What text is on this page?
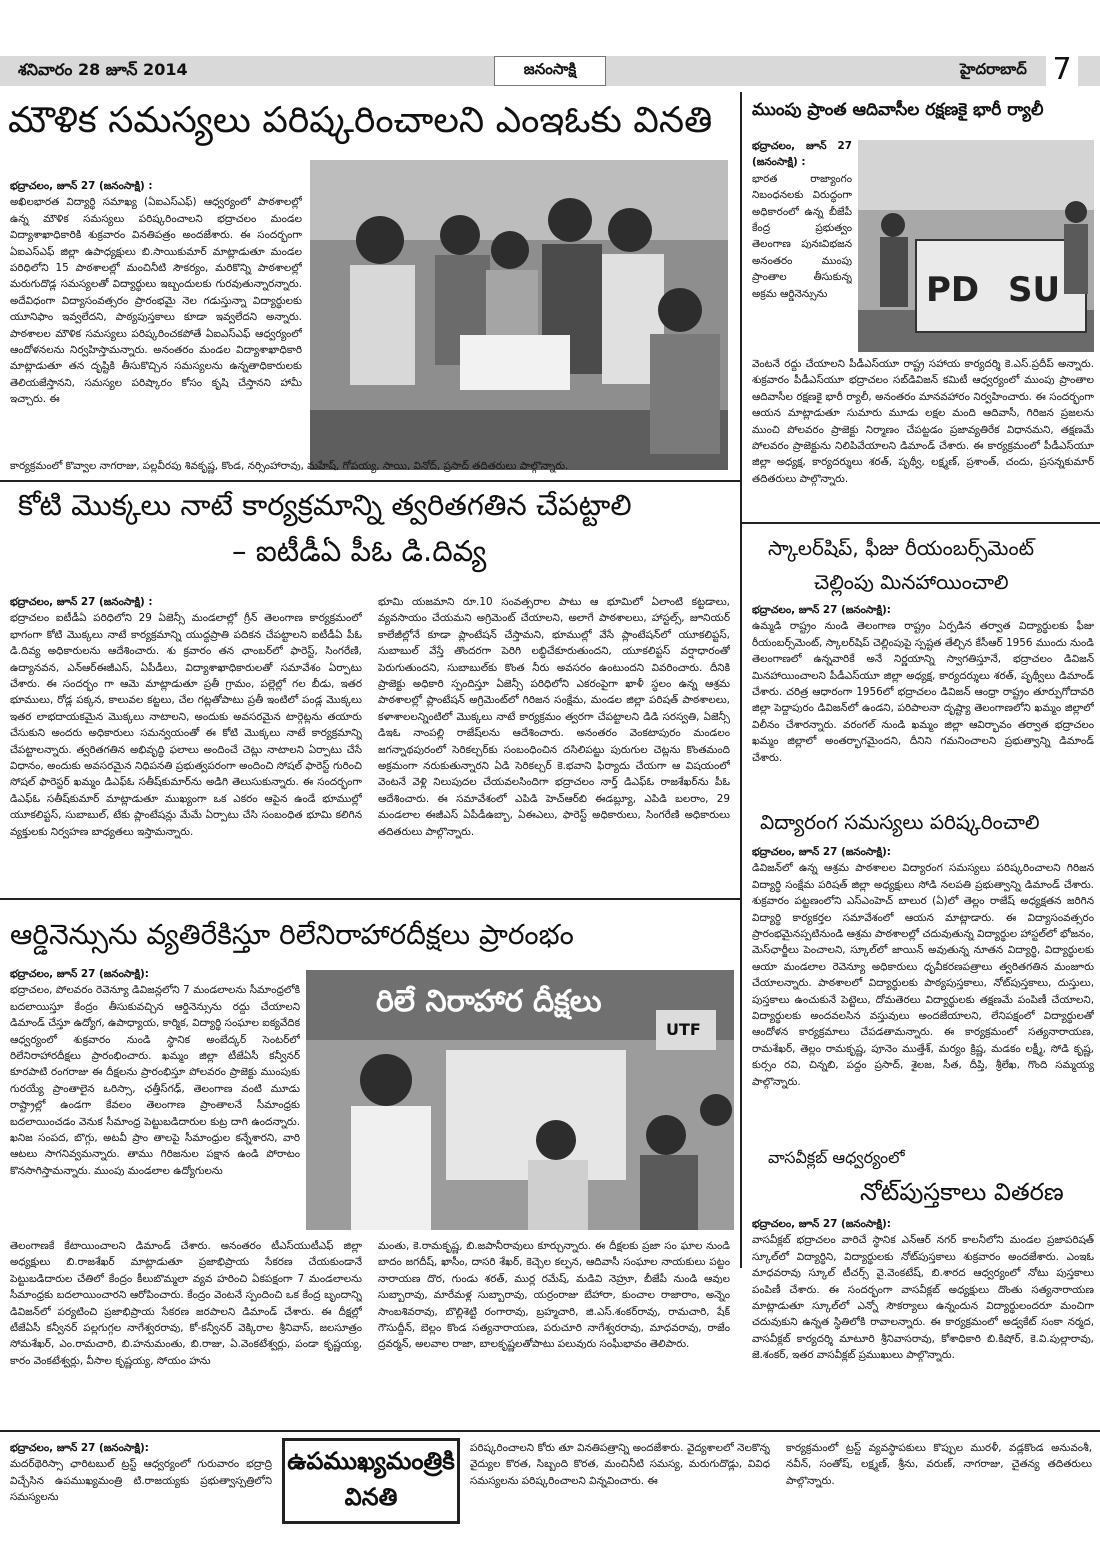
శనివారం 28 జూన్ 2014	జనంసాక్షి	హైదరాబాద్ 7
మౌళిక సమస్యలు పరిష్కరించాలని ఎంఇఓకు వినతి

భద్రాచలం, జూన్ 27 (జనంసాక్షి) :

అఖిలభారత విద్యార్థి సమాఖ్య (ఏఐఎస్ఎఫ్) ఆధ్వర్యంలో పాఠశాలల్లో ఉన్న మౌళిక సమస్యలు పరిష్కరించాలని భద్రాచలం మండల విద్యాశాఖాధికారికి శుక్రవారం వినతిపత్రం అందజేశారు. ఈ సందర్భంగా ఏఐఎస్ఎఫ్ జిల్లా ఉపాధ్యక్షులు బి.సాయికుమార్ మాట్లాడుతూ మండల పరిధిలోని 15 పాఠశాలల్లో మంచినీటి సౌకర్యం, మరికొన్ని పాఠశాలల్లో మరుగుదొడ్ల సమస్యలతో విద్యార్థులు ఇబ్బందులకు గురవుతున్నారన్నారు. అదేవిధంగా విద్యాసంవత్సరం ప్రారంభమై నెల గడుస్తున్నా విద్యార్థులకు యూనిఫాం ఇవ్వలేదని, పాఠ్యపుస్తకాలు కూడా ఇవ్వలేదని అన్నారు. పాఠశాలల మౌళిక సమస్యలు పరిష్కరించకపోతే ఏఐఎస్ఎఫ్ ఆధ్వర్యంలో ఆందోళనలను నిర్వహిస్తామన్నారు. అనంతరం మండల విద్యాశాఖాధికారి మాట్లాడుతూ తన దృష్టికి తీసుకొచ్చిన సమస్యలను ఉన్నతాధికారులకు తెలియజేస్తానని, సమస్యల పరిష్కారం కోసం కృషి చేస్తానని హామీ ఇచ్చారు. ఈ

కార్యక్రమంలో కొవ్వాల నాగరాజు, పల్లవీరపు శివకృష్ణ, కొండ, నర్సింహారావు, మహేష్, గోపయ్య, సాయి, వినోద్, ప్రసాద్ తదితరులు పాల్గొన్నారు.

ముంపు ప్రాంత ఆదివాసీల రక్షణకై భారీ ర్యాలీ

భద్రాచలం, జూన్ 27 (జనంసాక్షి) :

భారత రాజ్యాంగం నిబంధనలకు విరుద్ధంగా అధికారంలో ఉన్న బీజేపీ కేంద్ర ప్రభుత్వం తెలంగాణ పునఃవిభజన అనంతరం ముంపు ప్రాంతాల తీసుకున్న అక్రమ ఆర్డినెన్సును	PD SU

వెంటనే రద్దు చేయాలని పీడీఎస్‌యూ రాష్ట్ర సహాయ కార్యదర్శి కె.ఎస్.ప్రదీప్ అన్నారు. శుక్రవారం పీడీఎస్‌యూ భద్రాచలం సబ్‌డివిజన్ కమిటీ ఆధ్వర్యంలో ముంపు ప్రాంతాల ఆదివాసీల రక్షణకై భారీ ర్యాలీ, అనంతరం మానవహారం నిర్వహించారు. ఈ సందర్భంగా ఆయన మాట్లాడుతూ సుమారు మూడు లక్షల మంది ఆదివాసీ, గిరిజన ప్రజలను ముంచి పోలవరం ప్రాజెక్టు నిర్మాణం చేపట్టడం ప్రజావ్యతిరేక విధానమని, తక్షణమే పోలవరం ప్రాజెక్టును నిలిపివేయాలని డిమాండ్ చేశారు. ఈ కార్యక్రమంలో పీడీఎస్‌యూ జిల్లా అధ్యక్ష, కార్యదర్శులు శరత్, పృథ్వీ, లక్ష్మణ్, ప్రశాంత్, చందు, ప్రసన్నకుమార్ తదితరులు పాల్గొన్నారు.

కోటి మొక్కలు నాటే కార్యక్రమాన్ని త్వరితగతిన చేపట్టాలి
– ఐటీడీఏ పీఓ డి.దివ్య

భద్రాచలం, జూన్ 27 (జనంసాక్షి) :

భద్రాచలం ఐటీడీఏ పరిధిలోని 29 ఏజెన్సీ మండలాల్లో గ్రీన్ తెలంగాణ కార్యక్రమంలో భాగంగా కోటి మొక్కలు నాటే కార్యక్రమాన్ని యుద్ధప్రాతి పదికన చేపట్టాలని ఐటీడీఏ పీఓ డి.దివ్య అధికారులను ఆదేశించారు. శు క్రవారం తన ఛాంబర్‌లో ఫారెస్ట్, సింగరేణి, ఉద్యానవన, ఎన్ఆర్ఈజీఎస్, ఏపీడీలు, విద్యాశాఖాధికారులతో సమావేశం ఏర్పాటు చేశారు. ఈ సందర్భం గా ఆమె మాట్లాడుతూ ప్రతీ గ్రామం, పల్లెల్లో గల బీడు, ఇతర భూములు, రోడ్ల పక్కన, కాలువల కట్టలు, చేల గట్లతోపాటు ప్రతీ ఇంటిలో పండ్ల మొక్కలు ఇతర లాభదాయకమైన మొక్కలు నాటాలని, అందుకు అవసరమైన టార్గెట్లను తయారు చేసుకుని అందరు అధికారులు సమన్వయంతో ఈ కోటి మొక్కలు నాటే కార్యక్రమాన్ని చేపట్టాలన్నారు. త్వరితగతిన అభివృద్ధి ఫలాలు అందించే చెట్లు నాటాలని ఏర్పాటు చేసే విధానం, అందుకు అవసరమైన నిధిపనతి ప్రభుత్వపరంగా అందించి సోషల్ ఫారెస్ట్ గురించి సోషల్ ఫారెస్టర్ ఖమ్మం డిఎఫ్ఓ సతీష్‌కుమార్‌ను అడిగి తెలుసుకున్నారు. ఈ సందర్భంగా డిఎఫ్ఓ సతీష్‌కుమార్ మాట్లాడుతూ ముఖ్యంగా ఒక ఎకరం ఆపైన ఉండే భూముల్లో యూకలిప్టస్, సుబాబుల్, టేకు ప్లాంటేషన్లు మేమే ఏర్పాటు చేసి సంబంధిత భూమి కలిగిన వ్యక్తులకు నిర్వహణ బాధ్యతలు ఇస్తామన్నారు.

భూమి యజమాని రూ.10 సంవత్సరాల పాటు ఆ భూమిలో ఏలాంటి కట్టడాలు, వ్యవసాయం చేయమని అగ్రిమెంట్ చేయాలని, అలాగే పాఠశాలలు, హాస్టల్స్, జూనియర్ కాలేజీల్లోనే కూడా ప్లాంటేషన్ చేస్తామని, భూముల్లో వేసే ప్లాంటేషన్‌లో యూకలిప్టస్, సుబాబుల్ వేస్తే తొందరగా పెరిగి లబ్ధిచేకూరుతుందని, యూకలిప్టస్ వర్షాధారంతో పెరుగుతుందని, సుబాబుల్‌కు కొంత నీరు అవసరం ఉంటుందని వివరించారు. దీనికి ప్రాజెక్టు అధికారి స్పందిస్తూ ఏజెన్సీ పరిధిలోని ఎకరంపైగా ఖాళీ స్థలం ఉన్న ఆశ్రమ పాఠశాలల్లో ప్లాంటేషన్ అగ్రిమెంట్‌లో గిరిజన సంక్షేమ, మండల జిల్లా పరిషత్ పాఠశాలలు, కళాశాలలన్నింటిలో మొక్కలు నాటే కార్యక్రమం త్వరగా చేపట్టాలని డిడి సరస్వతి, ఏజెన్సీ డిఇఓ నాంపల్లి రాజేష్‌లను ఆదేశించారు. అనంతరం వెంకటాపురం మండలం జగన్నాథపురంలో సెరికల్చర్‌కు సంబంధించిన దసిలిపట్టు పురుగుల చెట్లను కొంతమంది అక్రమంగా నరుకుతున్నారని ఏడి సెరికల్చర్ కె.భవాని ఫిర్యాదు చేయగా ఆ విషయంలో వెంటనే వెళ్లి నిలుపుదల చేయవలసిందిగా భద్రాచలం నార్త్ డిఎఫ్ఓ రాజశేఖర్‌ను పీఓ ఆదేశించారు. ఈ సమావేశంలో ఎపిడి హెచ్ఆర్‌బి ఈడబ్ల్యూ, ఎపిడి బలరాం, 29 మండలాల ఈజీఎస్ ఏపీడీఉబ్బా, ఏఈఎలు, ఫారెస్ట్ అధికారులు, సింగరేణి అధికారులు తదితరులు పాల్గొన్నారు.

స్కాలర్‌షిప్, ఫీజు రీయంబర్స్‌మెంట్
చెల్లింపు మినహాయించాలి

భద్రాచలం, జూన్ 27 (జనంసాక్షి):

ఉమ్మడి రాష్ట్రం నుండి తెలంగాణ రాష్ట్రం ఏర్పడిన తర్వాత విద్యార్థులకు ఫీజు రీయంబర్స్‌మెంట్, స్కాలర్‌షిప్ చెల్లింపుపై స్పష్టత తేల్చిన కేసీఆర్ 1956 ముందు నుండి తెలంగాణలో ఉన్నవారికే అనే నిర్ణయాన్ని స్వాగతిస్తూనే, భద్రాచలం డివిజన్ మినహాయించాలని పీడీఎస్‌యూ జిల్లా అధ్యక్ష, కార్యదర్శులు శరత్, పృథ్వీలు డిమాండ్ చేశారు. చరిత్ర ఆధారంగా 1956లో భద్రాచలం డివిజన్ ఆంధ్రా రాష్ట్రం తూర్పుగోదావరి జిల్లా పెద్దాపురం డివిజన్‌లో ఉండని, పరిపాలనా దృష్ట్యా తెలంగాణలోని ఖమ్మం జిల్లాలో విలీనం చేశారన్నారు. వరంగల్ నుండి ఖమ్మం జిల్లా ఆవిర్భావం తర్వాత భద్రాచలం ఖమ్మం జిల్లాలో అంతర్భాగమైందని, దీనిని గమనించాలని ప్రభుత్వాన్ని డిమాండ్ చేశారు.

విద్యారంగ సమస్యలు పరిష్కరించాలి

భద్రాచలం, జూన్ 27 (జనంసాక్షి):

డివిజన్‌లో ఉన్న ఆశ్రమ పాఠశాలల విద్యారంగ సమస్యలు పరిష్కరించాలని గిరిజన విద్యార్థి సంక్షేమ పరిషత్ జిల్లా అధ్యక్షులు సోడి నలపతి ప్రభుత్వాన్ని డిమాండ్ చేశారు. శుక్రవారం పట్టణంలోని ఎస్ఎంహెచ్ బాలుర (ఏ)లో తెల్లం రాజేష్ అధ్యక్షతన జరిగిన విద్యార్థి కార్యకర్తల సమావేశంలో ఆయన మాట్లాడారు. ఈ విద్యాసంవత్సరం ప్రారంభమైనప్పటినుండి ఆశ్రమ పాఠశాలల్లో చదువుతున్న విద్యార్థుల హాస్టల్‌లో భోజనం, మెస్‌ఛార్జీలు పెంచాలని, స్కూల్‌లో జాయిన్ అవుతున్న నూతన విద్యార్థి, విద్యార్థులకు ఆయా మండలాల రెవెన్యూ అధికారులు ధృవీకరణపత్రాలు త్వరితగతిన మంజూరు చేయాలన్నారు. పాఠశాలలో విద్యార్థులకు పాఠ్యపుస్తకాలు, నోట్‌పుస్తకాలు, దుస్తులు, పుస్తకాలు ఉంచుకునే పెట్టెలు, దోమతెరలు విద్యార్థులకు తక్షణమే పంపిణీ చేయాలని, విద్యార్థులకు అందవలసిన వస్తువులు అందజేయాలని, లేనిపక్షంలో విద్యార్థులతో ఆందోళన కార్యక్రమాలు చేపడతామన్నారు. ఈ కార్యక్రమంలో సత్యనారాయణ, రామశేఖర్, తెల్లం రామకృష్ణ, పూనెం ముత్తేశ్, మర్యం క్రిష్ణ, మడకం లక్ష్మీ, సోడి కృష్ణ, కుర్సం రవి, చిన్నబి, పద్దం ప్రసాద్, శైలజ, సీత, దీప్తి, శ్రీలేఖ, గొంది సమ్మయ్య పాల్గొన్నారు.

వాసవీక్లబ్ ఆధ్వర్యంలో
నోట్‌పుస్తకాలు వితరణ

భద్రాచలం, జూన్ 27 (జనంసాక్షి):

వాసవీక్లబ్ భద్రాచలం వారిచే స్థానిక ఎన్ఆర్ నగర్ కాలనీలోని మండల ప్రజాపరిషత్ స్కూల్‌లో విద్యార్థిని, విద్యార్థులకు నోట్‌పుస్తకాలు శుక్రవారం అందజేశారు. ఎంఇఓ మాధవరావు స్కూల్ టీచర్స్ వై.వెంకటేష్, బి.శారద ఆధ్వర్యంలో నోటు పుస్తకాలు పంపిణీ చేశారు. ఈ సందర్భంగా వాసవీక్లబ్ అధ్యక్షులు దొంతు సత్యనారాయణ మాట్లాడుతూ స్కూల్‌లో ఎన్నో సౌకర్యాలు ఉన్నందున విద్యార్థులందరూ మంచిగా చదువుకుని ఉన్నత స్థితిలోకి రావాలన్నారు. ఈ కార్యక్రమంలో అడ్వకేట్ సంకా నర్మద, వాసవీక్లబ్ కార్యదర్శి మాటూరి శ్రీనివాసరావు, కోశాధికారి బి.కిషోర్, కె.వి.పుల్లారావు, జె.శంకర్, ఇతర వాసవీక్లబ్ ప్రముఖులు పాల్గొన్నారు.

ఆర్డినెన్సును వ్యతిరేకిస్తూ రిలేనిరాహారదీక్షలు ప్రారంభం

భద్రాచలం, జూన్ 27 (జనంసాక్షి):

భద్రాచలం, పోలవరం రెవెన్యూ డివిజన్లలోని 7 మండలాలను సీమాంధ్రలోకి బదలాయిస్తూ కేంద్రం తీసుకువచ్చిన ఆర్డినెన్సును రద్దు చేయాలని డిమాండ్ చేస్తూ ఉద్యోగ, ఉపాధ్యాయ, కార్మిక, విద్యార్థి సంఘాల ఐక్యవేదిక ఆధ్వర్యంలో శుక్రవారం నుండి స్థానిక అంబేద్కర్ సెంటర్‌లో రిలేనిరాహారదీక్షలు ప్రారంభించారు. ఖమ్మం జిల్లా టీజేఏసీ కన్వీనర్ కూరపాటి రంగరాజు ఈ దీక్షలను ప్రారంభిస్తూ పోలవరం ప్రాజెక్టు ముంపుకు గురయ్యే ప్రాంతాలైన ఒరిస్సా, ఛత్తీస్‌గఢ్, తెలంగాణ వంటి మూడు రాష్ట్రాల్లో ఉండగా కేవలం తెలంగాణ ప్రాంతాలనే సీమాంధ్రకు బదలాయించడం వెనుక సీమాంధ్ర పెట్టుబడిదారుల కుట్ర దాగి ఉందన్నారు. ఖనిజ సంపద, బొగ్గు, అటవీ ప్రాం తాలపై సీమాంధ్రుల కన్నేశారని, వారి ఆటలు సాగనివ్వమన్నారు. తాము గిరిజనుల పక్షాన ఉండి పోరాటం కొనసాగిస్తామన్నారు. ముంపు మండలాల ఉద్యోగులను

రిలే నిరాహార దీక్షలు
UTF

తెలంగాణకే కేటాయించాలని డిమాండ్ చేశారు. అనంతరం టీఎస్‌యుటీఎఫ్ జిల్లా అధ్యక్షులు బి.రాజశేఖర్ మాట్లాడుతూ ప్రజాభిప్రాయ సేకరణ చేయకుండానే పెట్టుబడిదారుల చేతిలో కేంద్రం కీలుబొమ్మలా వ్యవ హరించి ఏకపక్షంగా 7 మండలాలను సీమాంధ్రకు బదలాయించారని ఆరోపించారు. కేంద్రం వెంటనే స్పందించి ఒక కేంద్ర బృందాన్ని డివిజన్‌లో పర్యటించి ప్రజాభిప్రాయ సేకరణ జరపాలని డిమాండ్ చేశారు. ఈ దీక్షల్లో టీజేఏసీ కన్వీనర్ పల్లగుగ్గల నాగేశ్వరరావు, కో-కన్వీనర్ వెక్కిరాల శ్రీనివాస్, జలసూత్రం సోమశేఖర్, ఎం.రామచారి, బి.హనుమంతు, బి.రాజు, ఏ.వెంకటేశ్వర్లు, పండా కృష్ణయ్య, కారం వెంకటేశ్వర్లు, వీసాల కృష్ణయ్య, సోయం హను

మంతు, కె.రామకృష్ణ, బి.జపానీరావులు కూర్చున్నారు. ఈ దీక్షలకు ప్రజా సం ఘాల నుండి బాదం జగదీష్, ఖాసీం, దాసరి శేఖర్, కెచ్చెల కల్పన, ఆదివాసీ సంఘాల నాయకులు పట్టం నారాయణ దొర, గుండు శరత్, ముర్ల రమేష్, మడివి నెహ్రూ, బీజేపీ నుండి ఆవుల సుబ్బారావు, మారేమళ్ల సుబ్బారావు, యర్రంరాజు బేహారా, కుంచాల రాజారాం, అన్నెం సాంబశివరావు, బొల్లిశెట్టి రంగారావు, బ్రహ్మచారి, జి.ఎస్.శంకర్‌రావు, రామచారి, షేక్ గౌసుద్దీన్, బెల్లం కొండ సత్యనారాయణ, పరుచూరి నాగేశ్వరరావు, మాధవరావు, రాజేం ద్రవర్మన్, అలవాల రాజా, బాలకృష్ణలతోపాటు పలువురు సంఘీభావం తెలిపారు.

భద్రాచలం, జూన్ 27 (జనంసాక్షి):

మదర్‌థెరిస్సా ఛారిటబుల్ ట్రస్ట్ ఆధ్వర్యంలో గురువారం భద్రాద్రి విచ్చేసిన ఉపముఖ్యమంత్రి టి.రాజయ్యకు ప్రభుత్వాస్పత్రిలోని సమస్యలను

ఉపముఖ్యమంత్రికి
వినతి

పరిష్కరించాలని కోరు తూ వినతిపత్రాన్ని అందజేశారు. వైద్యశాలలో నెలకొన్న వైద్యుల కొరత, సిబ్బంది కొరత, మంచినీటి సమస్య, మరుగుదొడ్లు, వివిధ సమస్యలను పరిష్కరించాలని విన్నవించారు. ఈ

కార్యక్రమంలో ట్రస్ట్ వ్యవస్థాపకులు కొప్పుల మురళీ, వడ్లకొండ అనువంశీ, నవీన్, సంతోష్, లక్ష్మణ్, శ్రీను, వరుణ్, నాగరాజు, చైతన్య తదితరులు పాల్గొన్నారు.
